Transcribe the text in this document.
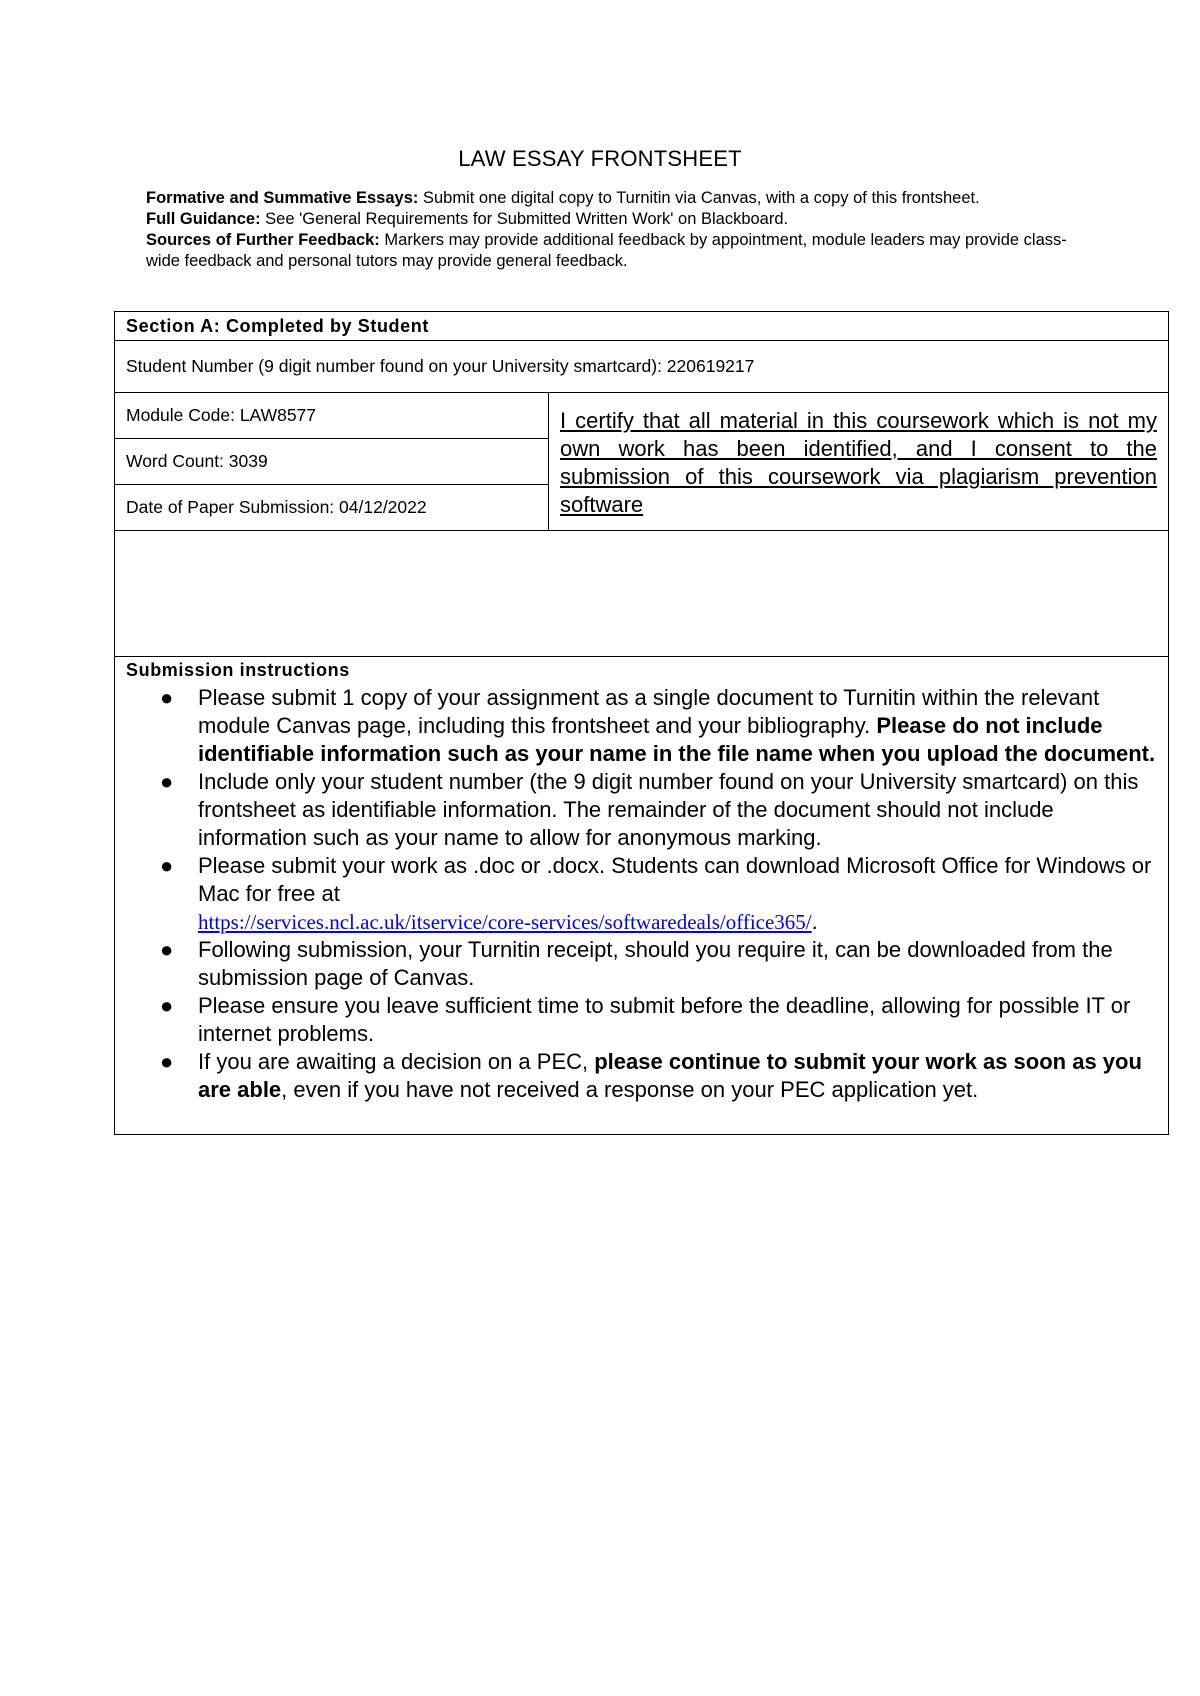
LAW ESSAY FRONTSHEET
Formative and Summative Essays: Submit one digital copy to Turnitin via Canvas, with a copy of this frontsheet.
Full Guidance: See 'General Requirements for Submitted Written Work' on Blackboard.
Sources of Further Feedback: Markers may provide additional feedback by appointment, module leaders may provide class-wide feedback and personal tutors may provide general feedback.
Section A: Completed by Student
Student Number (9 digit number found on your University smartcard): 220619217
Module Code: LAW8577	I certify that all material in this coursework which is not my own work has been identified, and I consent to the submission of this coursework via plagiarism prevention software
Word Count: 3039
Date of Paper Submission: 04/12/2022

Submission instructions
● Please submit 1 copy of your assignment as a single document to Turnitin within the relevant module Canvas page, including this frontsheet and your bibliography. Please do not include identifiable information such as your name in the file name when you upload the document.
● Include only your student number (the 9 digit number found on your University smartcard) on this frontsheet as identifiable information. The remainder of the document should not include information such as your name to allow for anonymous marking.
● Please submit your work as .doc or .docx. Students can download Microsoft Office for Windows or Mac for free at
https://services.ncl.ac.uk/itservice/core-services/softwaredeals/office365/.
● Following submission, your Turnitin receipt, should you require it, can be downloaded from the submission page of Canvas.
● Please ensure you leave sufficient time to submit before the deadline, allowing for possible IT or internet problems.
● If you are awaiting a decision on a PEC, please continue to submit your work as soon as you are able, even if you have not received a response on your PEC application yet.
